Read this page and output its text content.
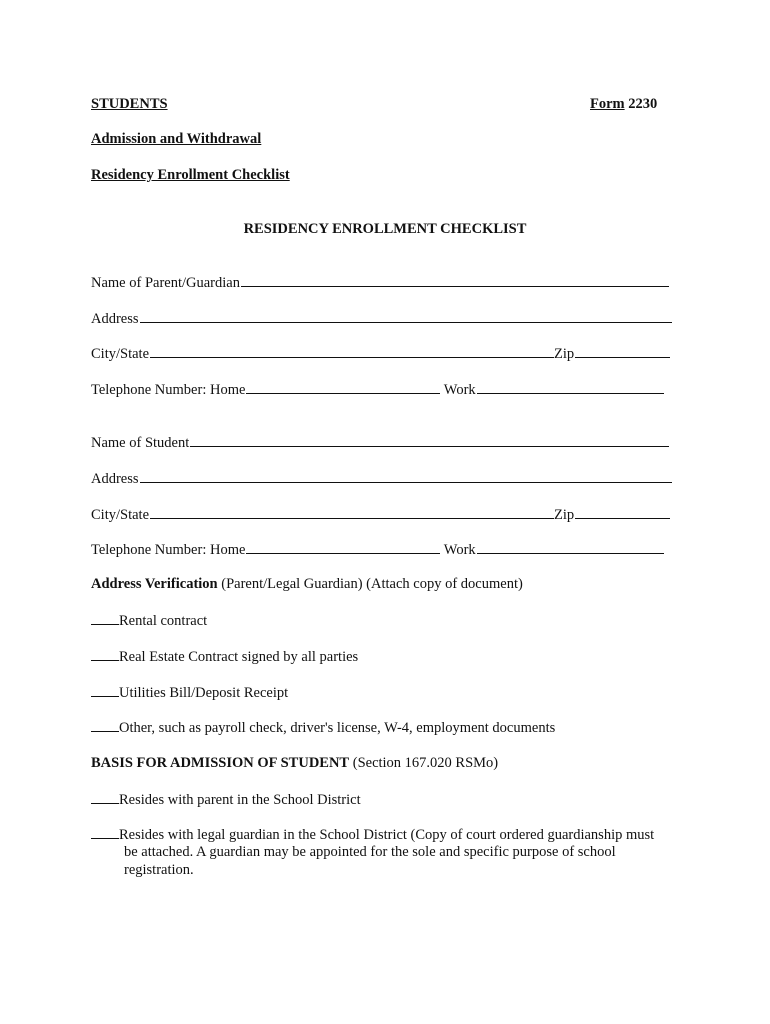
STUDENTS	Form 2230
Admission and Withdrawal
Residency Enrollment Checklist
RESIDENCY ENROLLMENT CHECKLIST
Name of Parent/Guardian
Address
City/State	Zip
Telephone Number: Home	Work
Name of Student
Address
City/State	Zip
Telephone Number: Home	Work
Address Verification (Parent/Legal Guardian) (Attach copy of document)
Rental contract
Real Estate Contract signed by all parties
Utilities Bill/Deposit Receipt
Other, such as payroll check, driver's license, W-4, employment documents
BASIS FOR ADMISSION OF STUDENT (Section 167.020 RSMo)
Resides with parent in the School District
Resides with legal guardian in the School District (Copy of court ordered guardianship must
be attached. A guardian may be appointed for the sole and specific purpose of school
registration.
